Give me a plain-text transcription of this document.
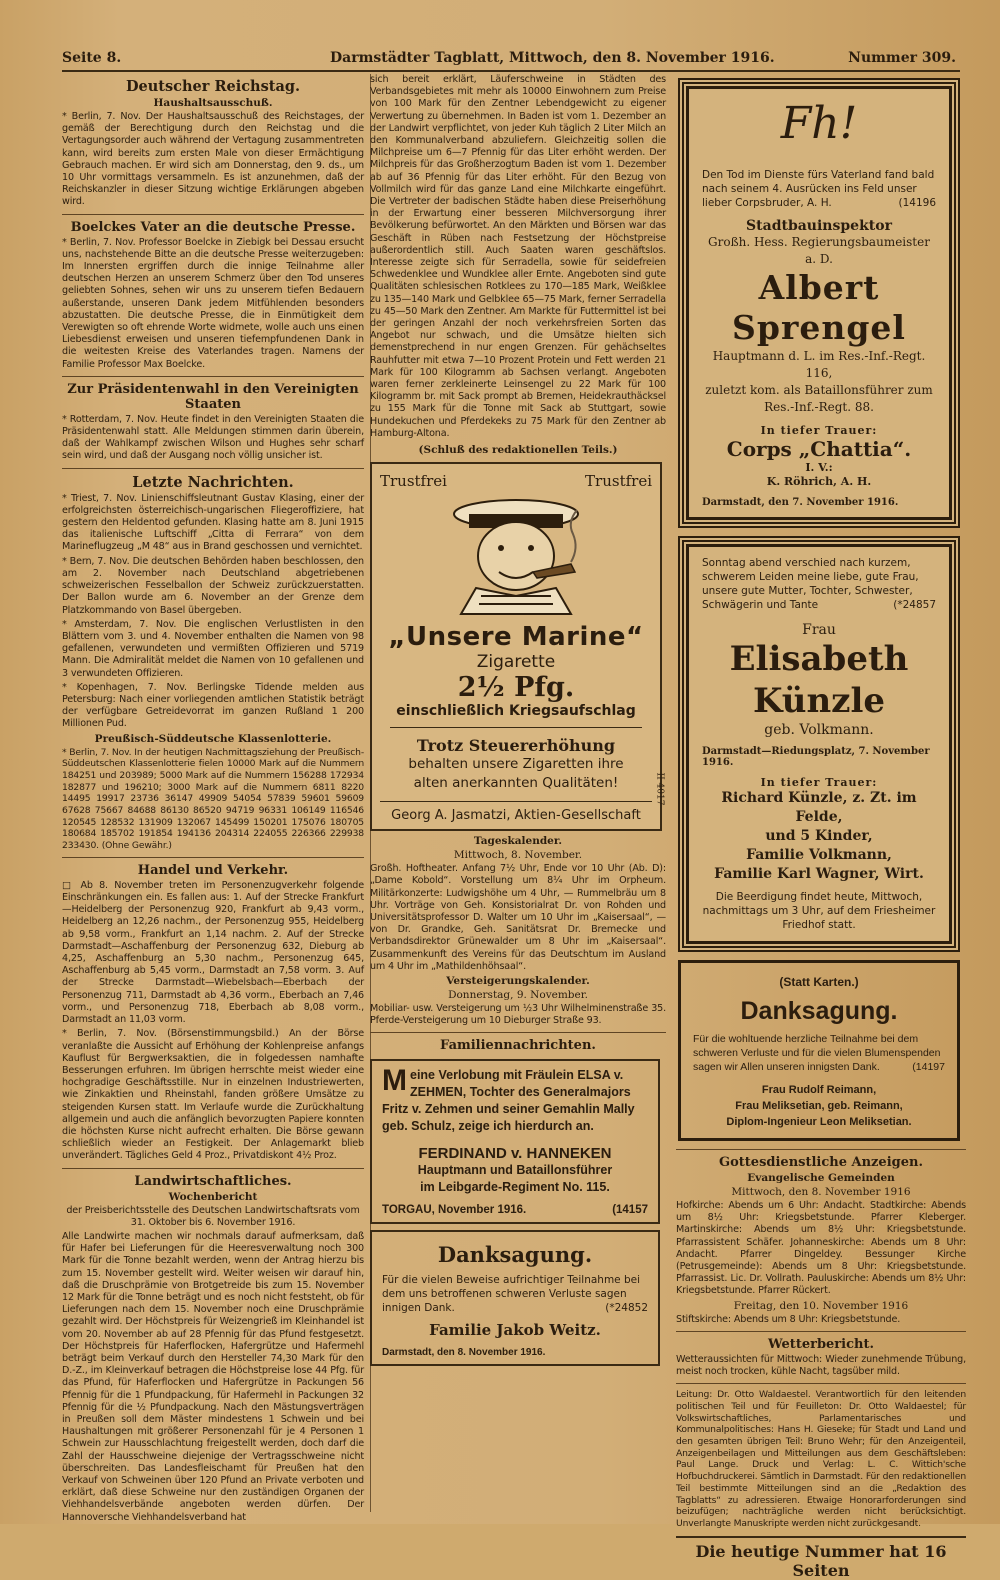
Seite 8.	Darmstädter Tagblatt, Mittwoch, den 8. November 1916.	Nummer 309.
Deutscher Reichstag.
Haushaltsausschuß.

* Berlin, 7. Nov. Der Haushaltsausschuß des Reichstages, der gemäß der Berechtigung durch den Reichstag und die Vertagungsorder auch während der Vertagung zusammentreten kann, wird bereits zum ersten Male von dieser Ermächtigung Gebrauch machen. Er wird sich am Donnerstag, den 9. ds., um 10 Uhr vormittags versammeln. Es ist anzunehmen, daß der Reichskanzler in dieser Sitzung wichtige Erklärungen abgeben wird.

Boelckes Vater an die deutsche Presse.

* Berlin, 7. Nov. Professor Boelcke in Ziebigk bei Dessau ersucht uns, nachstehende Bitte an die deutsche Presse weiterzugeben: Im Innersten ergriffen durch die innige Teilnahme aller deutschen Herzen an unserem Schmerz über den Tod unseres geliebten Sohnes, sehen wir uns zu unserem tiefen Bedauern außerstande, unseren Dank jedem Mitfühlenden besonders abzustatten. Die deutsche Presse, die in Einmütigkeit dem Verewigten so oft ehrende Worte widmete, wolle auch uns einen Liebesdienst erweisen und unseren tiefempfundenen Dank in die weitesten Kreise des Vaterlandes tragen. Namens der Familie Professor Max Boelcke.

Zur Präsidentenwahl in den Vereinigten Staaten

* Rotterdam, 7. Nov. Heute findet in den Vereinigten Staaten die Präsidentenwahl statt. Alle Meldungen stimmen darin überein, daß der Wahlkampf zwischen Wilson und Hughes sehr scharf sein wird, und daß der Ausgang noch völlig unsicher ist.

Letzte Nachrichten.

* Triest, 7. Nov. Linienschiffsleutnant Gustav Klasing, einer der erfolgreichsten österreichisch-ungarischen Fliegeroffiziere, hat gestern den Heldentod gefunden. Klasing hatte am 8. Juni 1915 das italienische Luftschiff „Citta di Ferrara“ von dem Marineflugzeug „M 48“ aus in Brand geschossen und vernichtet.

* Bern, 7. Nov. Die deutschen Behörden haben beschlossen, den am 2. November nach Deutschland abgetriebenen schweizerischen Fesselballon der Schweiz zurückzuerstatten. Der Ballon wurde am 6. November an der Grenze dem Platzkommando von Basel übergeben.

* Amsterdam, 7. Nov. Die englischen Verlustlisten in den Blättern vom 3. und 4. November enthalten die Namen von 98 gefallenen, verwundeten und vermißten Offizieren und 5719 Mann. Die Admiralität meldet die Namen von 10 gefallenen und 3 verwundeten Offizieren.

* Kopenhagen, 7. Nov. Berlingske Tidende melden aus Petersburg: Nach einer vorliegenden amtlichen Statistik beträgt der verfügbare Getreidevorrat im ganzen Rußland 1 200 Millionen Pud.

Preußisch-Süddeutsche Klassenlotterie.

* Berlin, 7. Nov. In der heutigen Nachmittagsziehung der Preußisch-Süddeutschen Klassenlotterie fielen 10000 Mark auf die Nummern 184251 und 203989; 5000 Mark auf die Nummern 156288 172934 182877 und 196210; 3000 Mark auf die Nummern 6811 8220 14495 19917 23736 36147 49909 54054 57839 59601 59609 67628 75667 84688 86130 86520 94719 96331 106149 116546 120545 128532 131909 132067 145499 150201 175076 180705 180684 185702 191854 194136 204314 224055 226366 229938 233430. (Ohne Gewähr.)

Handel und Verkehr.

□ Ab 8. November treten im Personenzugverkehr folgende Einschränkungen ein. Es fallen aus: 1. Auf der Strecke Frankfurt—Heidelberg der Personenzug 920, Frankfurt ab 9,43 vorm., Heidelberg an 12,26 nachm., der Personenzug 955, Heidelberg ab 9,58 vorm., Frankfurt an 1,14 nachm. 2. Auf der Strecke Darmstadt—Aschaffenburg der Personenzug 632, Dieburg ab 4,25, Aschaffenburg an 5,30 nachm., Personenzug 645, Aschaffenburg ab 5,45 vorm., Darmstadt an 7,58 vorm. 3. Auf der Strecke Darmstadt—Wiebelsbach—Eberbach der Personenzug 711, Darmstadt ab 4,36 vorm., Eberbach an 7,46 vorm., und Personenzug 718, Eberbach ab 8,08 vorm., Darmstadt an 11,03 vorm.

* Berlin, 7. Nov. (Börsenstimmungsbild.) An der Börse veranlaßte die Aussicht auf Erhöhung der Kohlenpreise anfangs Kauflust für Bergwerksaktien, die in folgedessen namhafte Besserungen erfuhren. Im übrigen herrschte meist wieder eine hochgradige Geschäftsstille. Nur in einzelnen Industriewerten, wie Zinkaktien und Rheinstahl, fanden größere Umsätze zu steigenden Kursen statt. Im Verlaufe wurde die Zurückhaltung allgemein und auch die anfänglich bevorzugten Papiere konnten die höchsten Kurse nicht aufrecht erhalten. Die Börse gewann schließlich wieder an Festigkeit. Der Anlagemarkt blieb unverändert. Tägliches Geld 4 Proz., Privatdiskont 4½ Proz.

Landwirtschaftliches.
Wochenbericht

der Preisberichtsstelle des Deutschen Landwirtschaftsrats vom 31. Oktober bis 6. November 1916.

Alle Landwirte machen wir nochmals darauf aufmerksam, daß für Hafer bei Lieferungen für die Heeresverwaltung noch 300 Mark für die Tonne bezahlt werden, wenn der Antrag hierzu bis zum 15. November gestellt wird. Weiter weisen wir darauf hin, daß die Druschprämie von Brotgetreide bis zum 15. November 12 Mark für die Tonne beträgt und es noch nicht feststeht, ob für Lieferungen nach dem 15. November noch eine Druschprämie gezahlt wird. Der Höchstpreis für Weizengrieß im Kleinhandel ist vom 20. November ab auf 28 Pfennig für das Pfund festgesetzt. Der Höchstpreis für Haferflocken, Hafergrütze und Hafermehl beträgt beim Verkauf durch den Hersteller 74,30 Mark für den D.-Z., im Kleinverkauf betragen die Höchstpreise lose 44 Pfg. für das Pfund, für Haferflocken und Hafergrütze in Packungen 56 Pfennig für die 1 Pfundpackung, für Hafermehl in Packungen 32 Pfennig für die ½ Pfundpackung. Nach den Mästungsverträgen in Preußen soll dem Mäster mindestens 1 Schwein und bei Haushaltungen mit größerer Personenzahl für je 4 Personen 1 Schwein zur Hausschlachtung freigestellt werden, doch darf die Zahl der Hausschweine diejenige der Vertragsschweine nicht überschreiten. Das Landesfleischamt für Preußen hat den Verkauf von Schweinen über 120 Pfund an Private verboten und erklärt, daß diese Schweine nur den zuständigen Organen der Viehhandelsverbände angeboten werden dürfen. Der Hannoversche Viehhandelsverband hat

sich bereit erklärt, Läuferschweine in Städten des Verbandsgebietes mit mehr als 10000 Einwohnern zum Preise von 100 Mark für den Zentner Lebendgewicht zu eigener Verwertung zu übernehmen. In Baden ist vom 1. Dezember an der Landwirt verpflichtet, von jeder Kuh täglich 2 Liter Milch an den Kommunalverband abzuliefern. Gleichzeitig sollen die Milchpreise um 6—7 Pfennig für das Liter erhöht werden. Der Milchpreis für das Großherzogtum Baden ist vom 1. Dezember ab auf 36 Pfennig für das Liter erhöht. Für den Bezug von Vollmilch wird für das ganze Land eine Milchkarte eingeführt. Die Vertreter der badischen Städte haben diese Preiserhöhung in der Erwartung einer besseren Milchversorgung ihrer Bevölkerung befürwortet. An den Märkten und Börsen war das Geschäft in Rüben nach Festsetzung der Höchstpreise außerordentlich still. Auch Saaten waren geschäftslos. Interesse zeigte sich für Serradella, sowie für seidefreien Schwedenklee und Wundklee aller Ernte. Angeboten sind gute Qualitäten schlesischen Rotklees zu 170—185 Mark, Weißklee zu 135—140 Mark und Gelbklee 65—75 Mark, ferner Serradella zu 45—50 Mark den Zentner. Am Markte für Futtermittel ist bei der geringen Anzahl der noch verkehrsfreien Sorten das Angebot nur schwach, und die Umsätze hielten sich demenstprechend in nur engen Grenzen. Für gehächseltes Rauhfutter mit etwa 7—10 Prozent Protein und Fett werden 21 Mark für 100 Kilogramm ab Sachsen verlangt. Angeboten waren ferner zerkleinerte Leinsengel zu 22 Mark für 100 Kilogramm br. mit Sack prompt ab Bremen, Heidekrauthäcksel zu 155 Mark für die Tonne mit Sack ab Stuttgart, sowie Hundekuchen und Pferdekeks zu 75 Mark für den Zentner ab Hamburg-Altona.

(Schluß des redaktionellen Teils.)
Trustfrei	Trustfrei
„Unsere Marine“
Zigarette
2½ Pfg.
einschließlich Kriegsaufschlag
Trotz Steuererhöhung
behalten unsere Zigaretten ihre
alten anerkannten Qualitäten!
Georg A. Jasmatzi, Aktien-Gesellschaft
II 4017
Tageskalender.
Mittwoch, 8. November.

Großh. Hoftheater. Anfang 7½ Uhr, Ende vor 10 Uhr (Ab. D): „Dame Kobold“. Vorstellung um 8¼ Uhr im Orpheum. Militärkonzerte: Ludwigshöhe um 4 Uhr, — Rummelbräu um 8 Uhr. Vorträge von Geh. Konsistorialrat Dr. von Rohden und Universitätsprofessor D. Walter um 10 Uhr im „Kaisersaal“, — von Dr. Grandke, Geh. Sanitätsrat Dr. Bremecke und Verbandsdirektor Grünewalder um 8 Uhr im „Kaisersaal“. Zusammenkunft des Vereins für das Deutschtum im Ausland um 4 Uhr im „Mathildenhöhsaal“.

Versteigerungskalender.
Donnerstag, 9. November.

Mobiliar- usw. Versteigerung um ½3 Uhr Wilhelminenstraße 35. Pferde-Versteigerung um 10 Dieburger Straße 93.

Familiennachrichten.
Meine Verlobung mit Fräulein ELSA v. ZEHMEN, Tochter des Generalmajors Fritz v. Zehmen und seiner Gemahlin Mally geb. Schulz, zeige ich hierdurch an.
FERDINAND v. HANNEKEN
Hauptmann und Bataillonsführer
im Leibgarde-Regiment No. 115.
TORGAU, November 1916.	(14157
Danksagung.
Für die vielen Beweise aufrichtiger Teilnahme bei dem uns betroffenen schweren Verluste sagen innigen Dank.	(*24852
Familie Jakob Weitz.
Darmstadt, den 8. November 1916.
Fh!
Den Tod im Dienste fürs Vaterland fand bald nach seinem 4. Ausrücken ins Feld unser lieber Corpsbruder, A. H.	(14196
Stadtbauinspektor
Großh. Hess. Regierungsbaumeister a. D.
Albert Sprengel
Hauptmann d. L. im Res.-Inf.-Regt. 116,
zuletzt kom. als Bataillonsführer zum Res.-Inf.-Regt. 88.
In tiefer Trauer:
Corps „Chattia“.
I. V.:
K. Röhrich, A. H.
Darmstadt, den 7. November 1916.
Sonntag abend verschied nach kurzem, schwerem Leiden meine liebe, gute Frau, unsere gute Mutter, Tochter, Schwester, Schwägerin und Tante	(*24857
Frau
Elisabeth Künzle
geb. Volkmann.
Darmstadt—Riedungsplatz, 7. November 1916.
In tiefer Trauer:
Richard Künzle, z. Zt. im Felde,
und 5 Kinder,
Familie Volkmann,
Familie Karl Wagner, Wirt.
Die Beerdigung findet heute, Mittwoch, nachmittags um 3 Uhr, auf dem Friesheimer Friedhof statt.
(Statt Karten.)
Danksagung.
Für die wohltuende herzliche Teilnahme bei dem schweren Verluste und für die vielen Blumenspenden sagen wir Allen unseren innigsten Dank.	(14197
Frau Rudolf Reimann,
Frau Meliksetian, geb. Reimann,
Diplom-Ingenieur Leon Meliksetian.
Gottesdienstliche Anzeigen.
Evangelische Gemeinden
Mittwoch, den 8. November 1916

Hofkirche: Abends um 6 Uhr: Andacht. Stadtkirche: Abends um 8½ Uhr: Kriegsbetstunde. Pfarrer Kleberger. Martinskirche: Abends um 8½ Uhr: Kriegsbetstunde. Pfarrassistent Schäfer. Johanneskirche: Abends um 8 Uhr: Andacht. Pfarrer Dingeldey. Bessunger Kirche (Petrusgemeinde): Abends um 8 Uhr: Kriegsbetstunde. Pfarrassist. Lic. Dr. Vollrath. Pauluskirche: Abends um 8½ Uhr: Kriegsbetstunde. Pfarrer Rückert.

Freitag, den 10. November 1916

Stiftskirche: Abends um 8 Uhr: Kriegsbetstunde.

Wetterbericht.

Wetteraussichten für Mittwoch: Wieder zunehmende Trübung, meist noch trocken, kühle Nacht, tagsüber mild.

Leitung: Dr. Otto Waldaestel. Verantwortlich für den leitenden politischen Teil und für Feuilleton: Dr. Otto Waldaestel; für Volkswirtschaftliches, Parlamentarisches und Kommunalpolitisches: Hans H. Gieseke; für Stadt und Land und den gesamten übrigen Teil: Bruno Wehr; für den Anzeigenteil, Anzeigenbeilagen und Mitteilungen aus dem Geschäftsleben: Paul Lange. Druck und Verlag: L. C. Wittich'sche Hofbuchdruckerei. Sämtlich in Darmstadt. Für den redaktionellen Teil bestimmte Mitteilungen sind an die „Redaktion des Tagblatts“ zu adressieren. Etwaige Honorarforderungen sind beizufügen; nachträgliche werden nicht berücksichtigt. Unverlangte Manuskripte werden nicht zurückgesandt.

Die heutige Nummer hat 16 Seiten
